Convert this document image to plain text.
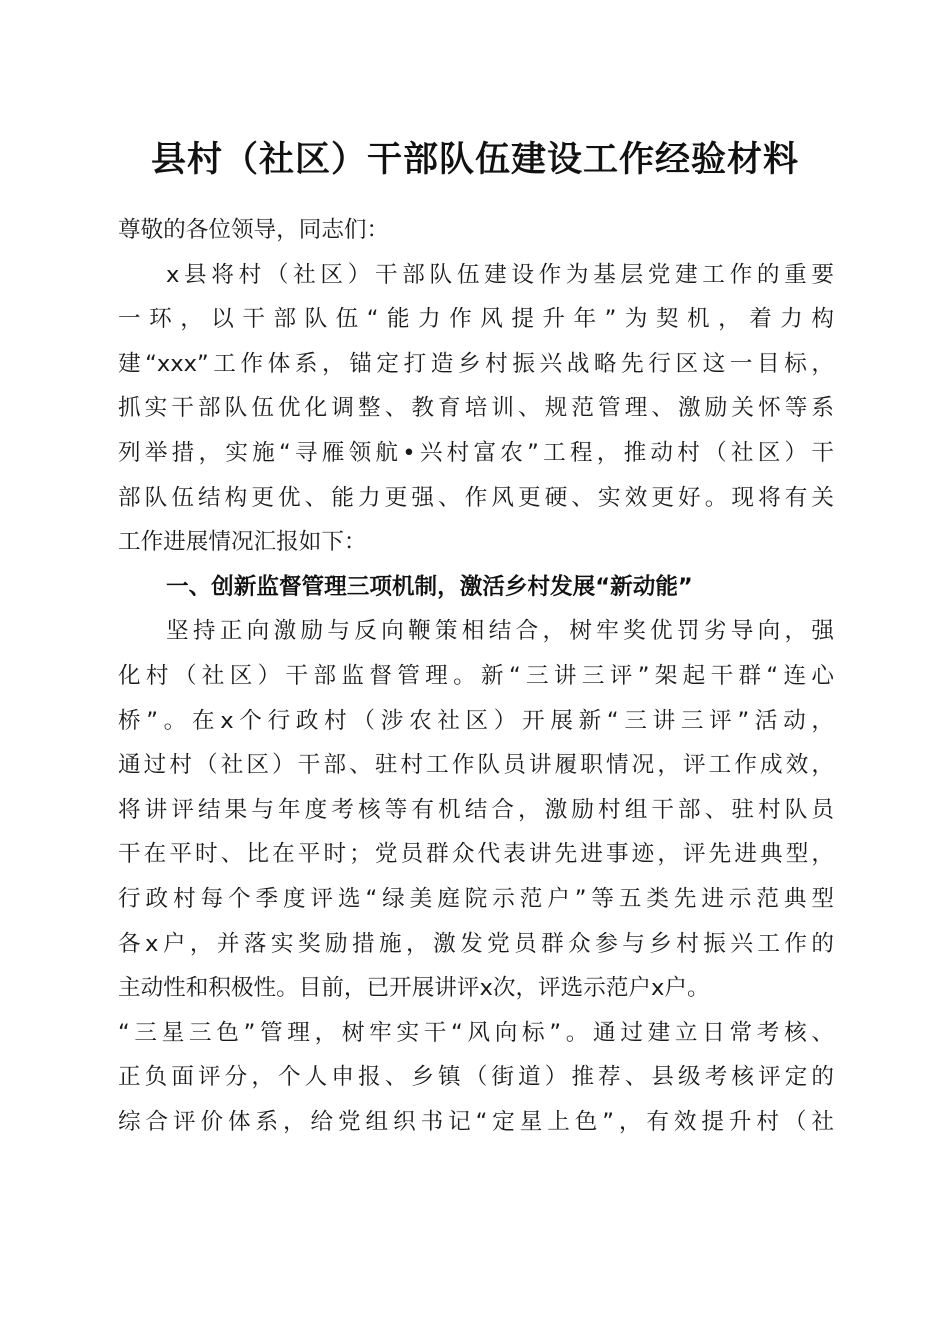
县村（社区）干部队伍建设工作经验材料
尊敬的各位领导，同志们：
x县将村（社区）干部队伍建设作为基层党建工作的重要
一环，以干部队伍“能力作风提升年”为契机，着力构
建“xxx”工作体系，锚定打造乡村振兴战略先行区这一目标，
抓实干部队伍优化调整、教育培训、规范管理、激励关怀等系
列举措，实施“寻雁领航•兴村富农”工程，推动村（社区）干
部队伍结构更优、能力更强、作风更硬、实效更好。现将有关
工作进展情况汇报如下：
一、创新监督管理三项机制，激活乡村发展“新动能”
坚持正向激励与反向鞭策相结合，树牢奖优罚劣导向，强
化村（社区）干部监督管理。新“三讲三评”架起干群“连心
桥”。在x个行政村（涉农社区）开展新“三讲三评”活动，
通过村（社区）干部、驻村工作队员讲履职情况，评工作成效，
将讲评结果与年度考核等有机结合，激励村组干部、驻村队员
干在平时、比在平时；党员群众代表讲先进事迹，评先进典型，
行政村每个季度评选“绿美庭院示范户”等五类先进示范典型
各x户，并落实奖励措施，激发党员群众参与乡村振兴工作的
主动性和积极性。目前，已开展讲评x次，评选示范户x户。
“三星三色”管理，树牢实干“风向标”。通过建立日常考核、
正负面评分，个人申报、乡镇（街道）推荐、县级考核评定的
综合评价体系，给党组织书记“定星上色”，有效提升村（社
